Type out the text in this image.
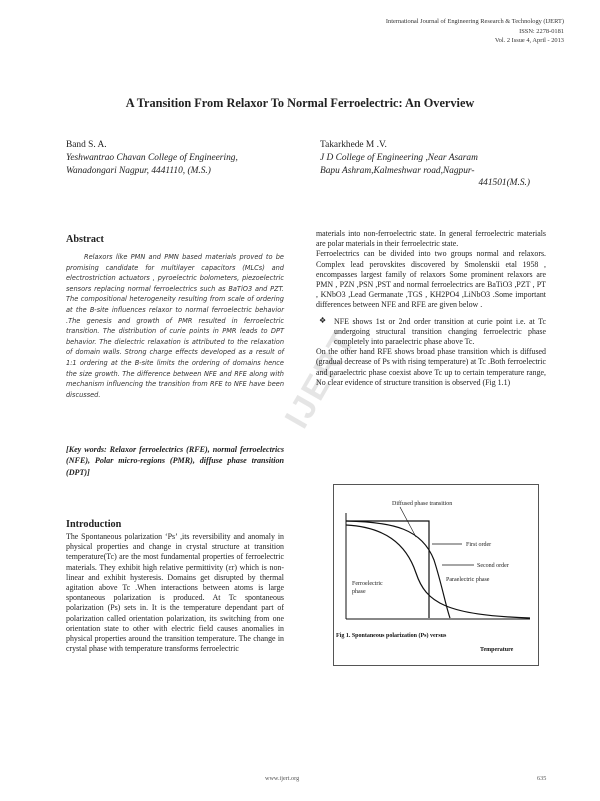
International Journal of Engineering Research & Technology (IJERT)
ISSN: 2278-0181
Vol. 2 Issue 4, April - 2013
A Transition From Relaxor To Normal Ferroelectric: An Overview
Band S. A.
Yeshwantrao Chavan College of Engineering,
Wanadongari Nagpur, 4441110, (M.S.)
Takarkhede M .V.
J D College of Engineering ,Near Asaram
Bapu Ashram,Kalmeshwar road,Nagpur-
441501(M.S.)
Abstract
Relaxors like PMN and PMN based materials proved to be promising candidate for multilayer capacitors (MLCs) and electrostriction actuators , pyroelectric bolometers, piezoelectric sensors replacing normal ferroelectrics such as BaTiO3 and PZT. The compositional heterogeneity resulting from scale of ordering at the B-site influences relaxor to normal ferroelectric behavior .The genesis and growth of PMR resulted in ferroelectric transition. The distribution of curie points in PMR leads to DPT behavior. The dielectric relaxation is attributed to the relaxation of domain walls. Strong charge effects developed as a result of 1:1 ordering at the B-site limits the ordering of domains hence the size growth. The difference between NFE and RFE along with mechanism influencing the transition from RFE to NFE have been discussed.
[Key words: Relaxor ferroelectrics (RFE), normal ferroelectrics (NFE), Polar micro-regions (PMR), diffuse phase transition (DPT)]
Introduction
The Spontaneous polarization ‘Ps’ ,its reversibility and anomaly in physical properties and change in crystal structure at transition temperature(Tc) are the most fundamental properties of ferroelectric materials. They exhibit high relative permittivity (εr) which is non-linear and exhibit hysteresis. Domains get disrupted by thermal agitation above Tc .When interactions between atoms is large spontaneous polarization is produced. At Tc spontaneous polarization (Ps) sets in. It is the temperature dependant part of polarization called orientation polarization, its switching from one orientation state to other with electric field causes anomalies in physical properties around the transition temperature. The change in crystal phase with temperature transforms ferroelectric

materials into non-ferroelectric state. In general ferroelectric materials are polar materials in their ferroelectric state.

Ferroelectrics can be divided into two groups normal and relaxors. Complex lead perovskites discovered by Smolenskii etal 1958 , encompasses largest family of relaxors Some prominent relaxors are PMN , PZN ,PSN ,PST and normal ferroelectrics are BaTiO3 ,PZT , PT , KNbO3 ,Lead Germanate ,TGS , KH2PO4 ,LiNbO3 .Some important differences between NFE and RFE are given below .

❖ NFE shows 1st or 2nd order transition at curie point i.e. at Tc undergoing structural transition changing ferroelectric phase completely into paraelectric phase above Tc.

On the other hand RFE shows broad phase transition which is diffused (gradual decrease of Ps with rising temperature) at Tc .Both ferroelectric and paraelectric phase coexist above Tc up to certain temperature range, No clear evidence of structure transition is observed (Fig 1.1)

Diffused phase transition
First order
Second order
Ferroelectric
phase
Paraelectric phase
Fig 1. Spontaneous polarization (Ps) versus
Temperature
IJERT
www.ijert.org	635
